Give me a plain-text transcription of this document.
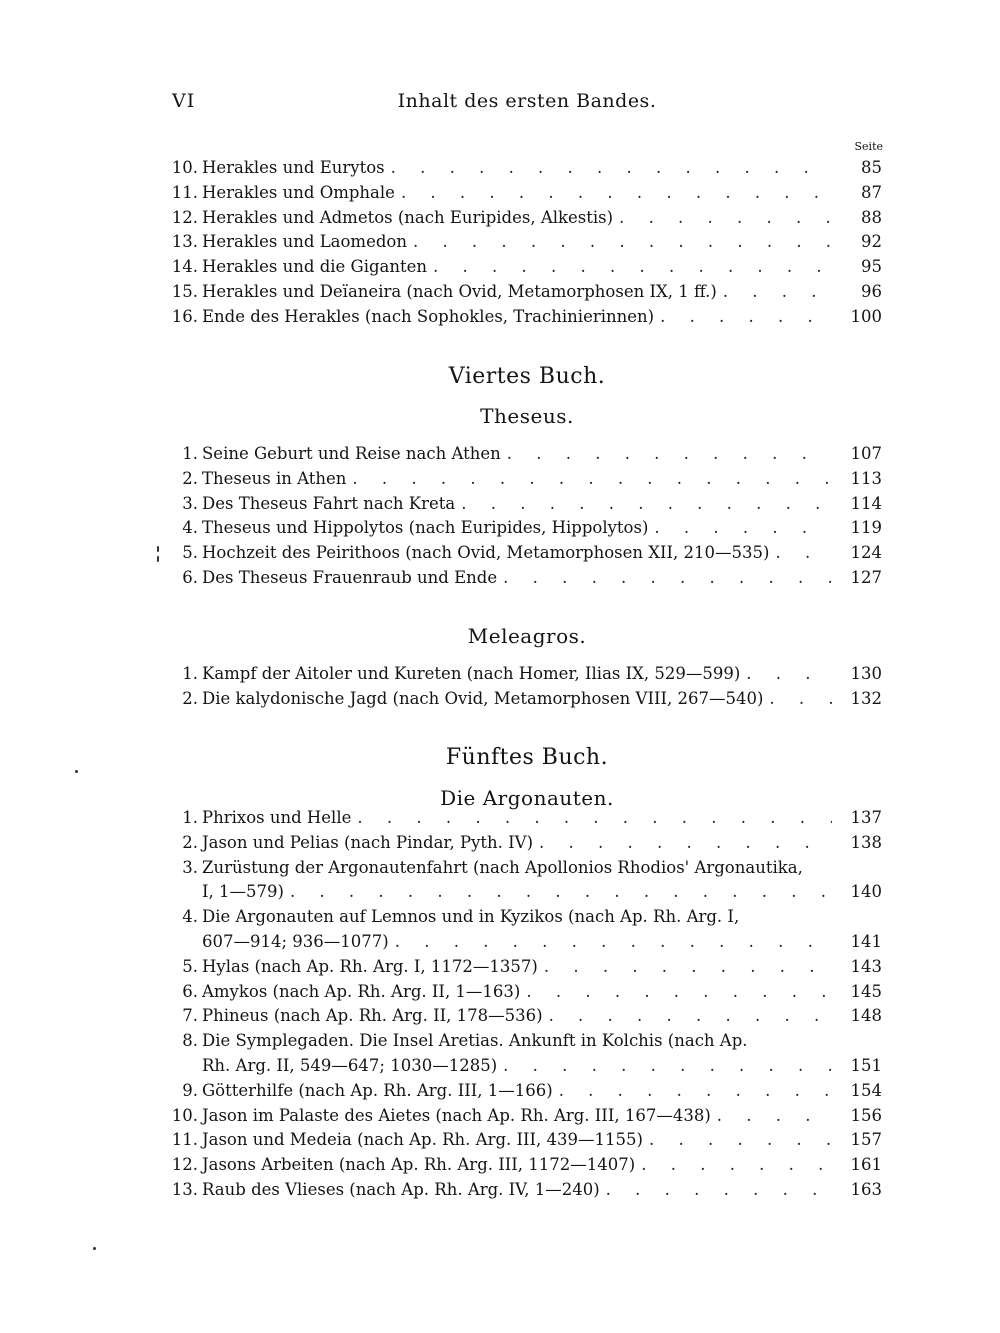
VI	Inhalt des ersten Bandes.
Seite
10. Herakles und Eurytos . . .	85
11. Herakles und Omphale . . .	87
12. Herakles und Admetos (nach Euripides, Alkestis) . . .	88
13. Herakles und Laomedon . . .	92
14. Herakles und die Giganten . . .	95
15. Herakles und Deïaneira (nach Ovid, Metamorphosen IX, 1 ff.) . . .	96
16. Ende des Herakles (nach Sophokles, Trachinierinnen) . . .	100
Viertes Buch.
Theseus.
1. Seine Geburt und Reise nach Athen . . .	107
2. Theseus in Athen . . .	113
3. Des Theseus Fahrt nach Kreta . . .	114
4. Theseus und Hippolytos (nach Euripides, Hippolytos) . . .	119
5. Hochzeit des Peirithoos (nach Ovid, Metamorphosen XII, 210—535) . . .	124
6. Des Theseus Frauenraub und Ende . . .	127
Meleagros.
1. Kampf der Aitoler und Kureten (nach Homer, Ilias IX, 529—599) . . .	130
2. Die kalydonische Jagd (nach Ovid, Metamorphosen VIII, 267—540) . . .	132
Fünftes Buch.
Die Argonauten.
1. Phrixos und Helle . . .	137
2. Jason und Pelias (nach Pindar, Pyth. IV) . . .	138
3. Zurüstung der Argonautenfahrt (nach Apollonios Rhodios' Argonautika,
I, 1—579) . . .	140
4. Die Argonauten auf Lemnos und in Kyzikos (nach Ap. Rh. Arg. I,
607—914; 936—1077) . . .	141
5. Hylas (nach Ap. Rh. Arg. I, 1172—1357) . . .	143
6. Amykos (nach Ap. Rh. Arg. II, 1—163) . . .	145
7. Phineus (nach Ap. Rh. Arg. II, 178—536) . . .	148
8. Die Symplegaden. Die Insel Aretias. Ankunft in Kolchis (nach Ap.
Rh. Arg. II, 549—647; 1030—1285) . . .	151
9. Götterhilfe (nach Ap. Rh. Arg. III, 1—166) . . .	154
10. Jason im Palaste des Aietes (nach Ap. Rh. Arg. III, 167—438) . . .	156
11. Jason und Medeia (nach Ap. Rh. Arg. III, 439—1155) . . .	157
12. Jasons Arbeiten (nach Ap. Rh. Arg. III, 1172—1407) . . .	161
13. Raub des Vlieses (nach Ap. Rh. Arg. IV, 1—240) . . .	163
